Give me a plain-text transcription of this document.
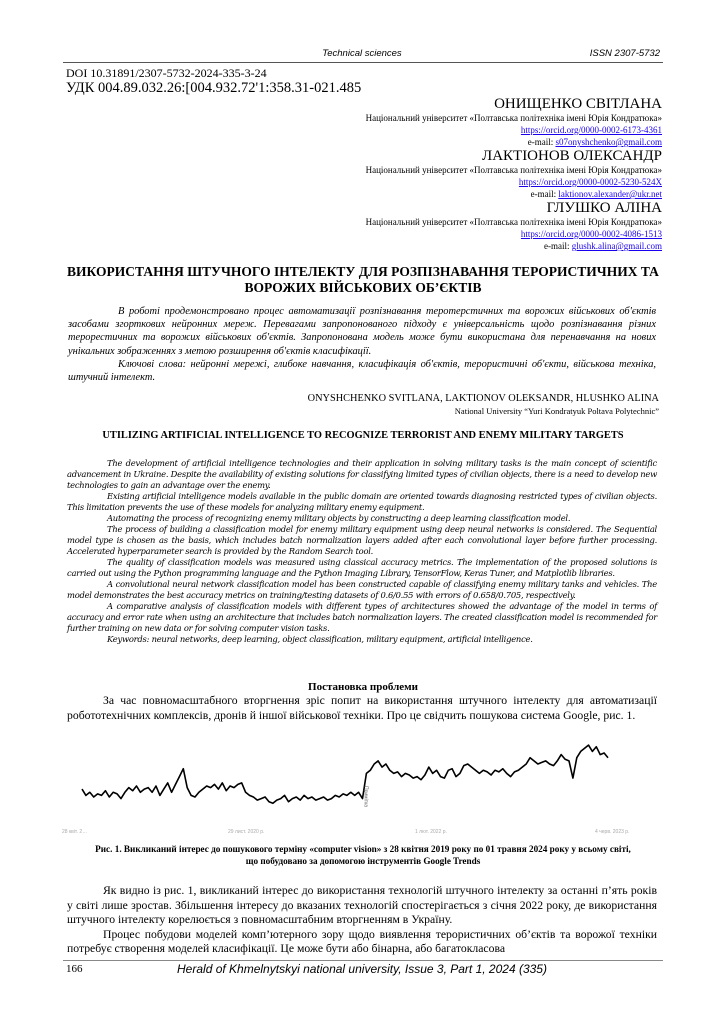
Technical sciences	ISSN 2307-5732
DOI 10.31891/2307-5732-2024-335-3-24
УДК 004.89.032.26:[004.932.72'1:358.31-021.485
ОНИЩЕНКО СВІТЛАНА
Національний університет «Полтавська політехніка імені Юрія Кондратюка»
https://orcid.org/0000-0002-6173-4361
e-mail: s07onyshchenko@gmail.com
ЛАКТІОНОВ ОЛЕКСАНДР
Національний університет «Полтавська політехніка імені Юрія Кондратюка»
https://orcid.org/0000-0002-5230-524X
e-mail: laktionov.alexander@ukr.net
ГЛУШКО АЛІНА
Національний університет «Полтавська політехніка імені Юрія Кондратюка»
https://orcid.org/0000-0002-4086-1513
e-mail: glushk.alina@gmail.com
ВИКОРИСТАННЯ ШТУЧНОГО ІНТЕЛЕКТУ ДЛЯ РОЗПІЗНАВАННЯ ТЕРОРИСТИЧНИХ ТА ВОРОЖИХ ВІЙСЬКОВИХ ОБ’ЄКТІВ

В роботі продемонстровано процес автоматизації розпізнавання теротерстичних та ворожих військових об'єктів засобами згорткових нейронних мереж. Перевагами запропонованого підходу є універсальність щодо розпізнавання різних терорестичних та ворожих військових об'єктів. Запропонована модель може бути використана для перенавчання на нових унікальних зображеннях з метою розширення об'єктів класифікації.

Ключові слова: нейронні мережі, глибоке навчання, класифікація об'єктів, терористичні об'єкти, військова техніка, штучний інтелект.

ONYSHCHENKO SVITLANA, LAKTIONOV OLEKSANDR, HLUSHKO ALINA
National University “Yuri Kondratyuk Poltava Polytechnic”
UTILIZING ARTIFICIAL INTELLIGENCE TO RECOGNIZE TERRORIST AND ENEMY MILITARY TARGETS

The development of artificial intelligence technologies and their application in solving military tasks is the main concept of scientific advancement in Ukraine. Despite the availability of existing solutions for classifying limited types of civilian objects, there is a need to develop new technologies to gain an advantage over the enemy.

Existing artificial intelligence models available in the public domain are oriented towards diagnosing restricted types of civilian objects. This limitation prevents the use of these models for analyzing military enemy equipment.

Automating the process of recognizing enemy military objects by constructing a deep learning classification model.

The process of building a classification model for enemy military equipment using deep neural networks is considered. The Sequential model type is chosen as the basis, which includes batch normalization layers added after each convolutional layer before further processing. Accelerated hyperparameter search is provided by the Random Search tool.

The quality of classification models was measured using classical accuracy metrics. The implementation of the proposed solutions is carried out using the Python programming language and the Python Imaging Library, TensorFlow, Keras Tuner, and Matplotlib libraries.

A convolutional neural network classification model has been constructed capable of classifying enemy military tanks and vehicles. The model demonstrates the best accuracy metrics on training/testing datasets of 0.6/0.55 with errors of 0.658/0.705, respectively.

A comparative analysis of classification models with different types of architectures showed the advantage of the model in terms of accuracy and error rate when using an architecture that includes batch normalization layers. The created classification model is recommended for further training on new data or for solving computer vision tasks.

Keywords: neural networks, deep learning, object classification, military equipment, artificial intelligence.

Постановка проблеми

За час повномасштабного вторгнення зріс попит на використання штучного інтелекту для автоматизації робототехнічних комплексів, дронів й іншої військової техніки. Про це свідчить пошукова система Google, рис. 1.

Примітка
28 квіт. 2…	29 лист. 2020 р.	1 лют. 2022 р.	4 черв. 2023 р.
Рис. 1. Викликаний інтерес до пошукового терміну «computer vision» з 28 квітня 2019 року по 01 травня 2024 року у всьому світі,
що побудовано за допомогою інструментів Google Trends

Як видно із рис. 1, викликаний інтерес до використання технологій штучного інтелекту за останні п’ять років у світі лише зростав. Збільшення інтересу до вказаних технологій спостерігається з січня 2022 року, де використання штучного інтелекту корелюється з повномасштабним вторгненням в Україну.

Процес побудови моделей комп’ютерного зору щодо виявлення терористичних об’єктів та ворожої техніки потребує створення моделей класифікації. Це може бути або бінарна, або багатокласова

166	Herald of Khmelnytskyi national university, Issue 3, Part 1, 2024 (335)
